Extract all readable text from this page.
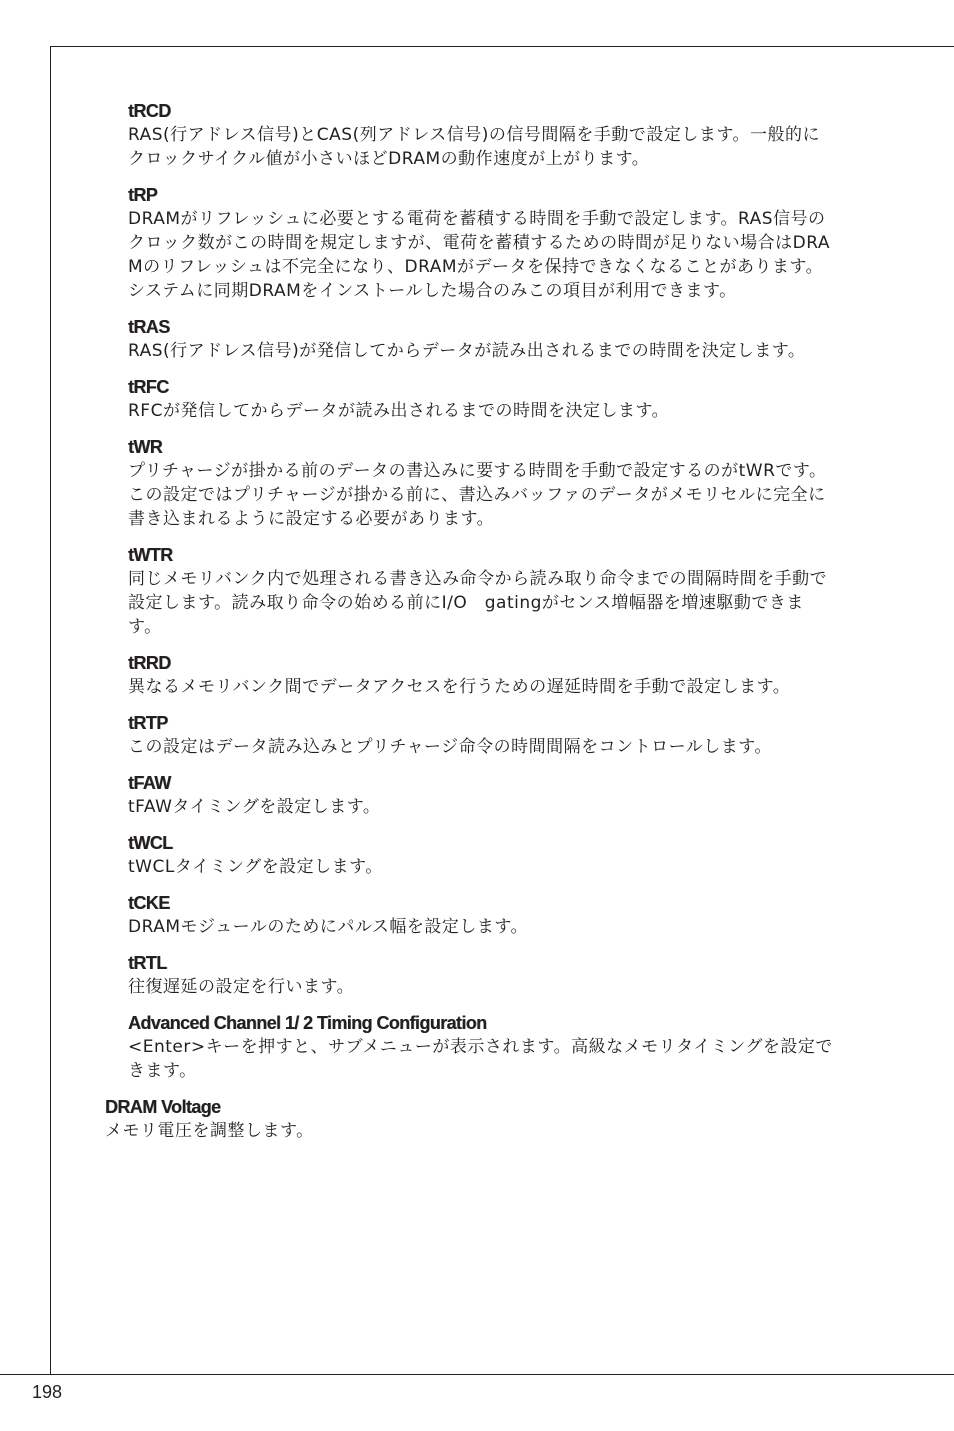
tRCD
RAS(行アドレス信号)とCAS(列アドレス信号)の信号間隔を手動で設定します。一般的にクロックサイクル値が小さいほどDRAMの動作速度が上がります。
tRP
DRAMがリフレッシュに必要とする電荷を蓄積する時間を手動で設定します。RAS信号のクロック数がこの時間を規定しますが、電荷を蓄積するための時間が足りない場合はDRAMのリフレッシュは不完全になり、DRAMがデータを保持できなくなることがあります。システムに同期DRAMをインストールした場合のみこの項目が利用できます。
tRAS
RAS(行アドレス信号)が発信してからデータが読み出されるまでの時間を決定します。
tRFC
RFCが発信してからデータが読み出されるまでの時間を決定します。
tWR
プリチャージが掛かる前のデータの書込みに要する時間を手動で設定するのがtWRです。この設定ではプリチャージが掛かる前に、書込みバッファのデータがメモリセルに完全に書き込まれるように設定する必要があります。
tWTR
同じメモリバンク内で処理される書き込み命令から読み取り命令までの間隔時間を手動で設定します。読み取り命令の始める前にI/O　gatingがセンス増幅器を増速駆動できます。
tRRD
異なるメモリバンク間でデータアクセスを行うための遅延時間を手動で設定します。
tRTP
この設定はデータ読み込みとプリチャージ命令の時間間隔をコントロールします。
tFAW
tFAWタイミングを設定します。
tWCL
tWCLタイミングを設定します。
tCKE
DRAMモジュールのためにパルス幅を設定します。
tRTL
往復遅延の設定を行います。
Advanced Channel 1/ 2 Timing Configuration
<Enter>キーを押すと、サブメニューが表示されます。高級なメモリタイミングを設定できます。
DRAM Voltage
メモリ電圧を調整します。
198
